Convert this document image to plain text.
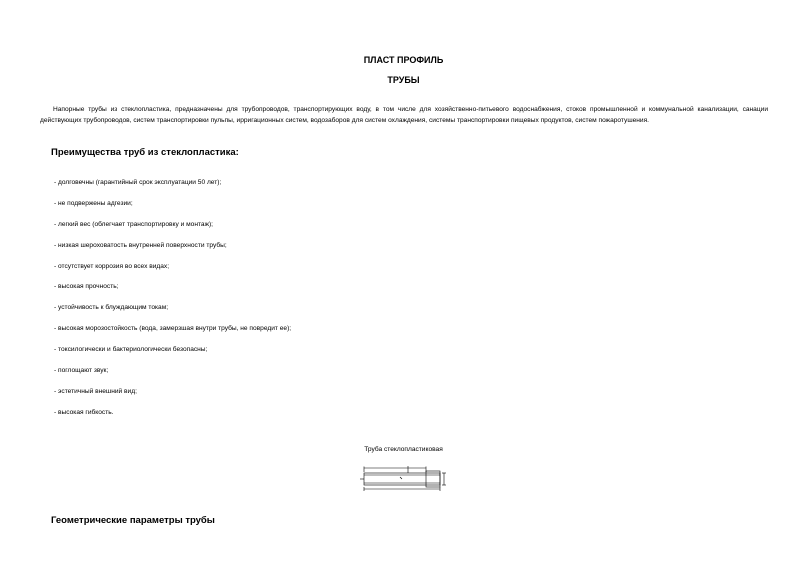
ПЛАСТ ПРОФИЛЬ
ТРУБЫ

Напорные трубы из стеклопластика, предназначены для трубопроводов, транспортирующих воду, в том числе для хозяйственно-питьевого водоснабжения, стоков промышленной и коммунальной канализации, санации действующих трубопроводов, систем транспортировки пульпы, ирригационных систем, водозаборов для систем охлаждения, системы транспортировки пищевых продуктов, систем пожаротушения.

Преимущества труб из стеклопластика:
- долговечны (гарантийный срок эксплуатации 50 лет);
- не подвержены адгезии;
- легкий вес (облегчает транспортировку и монтаж);
- низкая шероховатость внутренней поверхности трубы;
- отсутствует коррозия во всех видах;
- высокая прочность;
- устойчивость к блуждающим токам;
- высокая морозостойкость (вода, замерзшая внутри трубы, не повредит ее);
- токсилогически и бактериологически безопасны;
- поглощают звук;
- эстетичный внешний вид;
- высокая гибкость.
Труба стеклопластиковая
Геометрические параметры трубы
